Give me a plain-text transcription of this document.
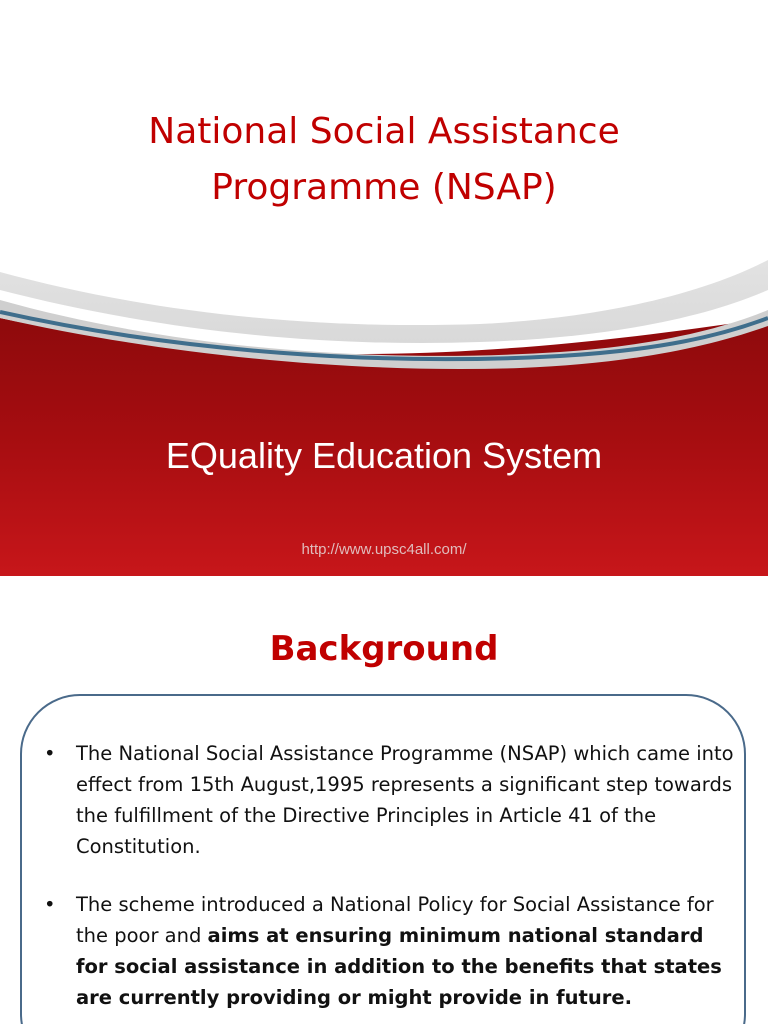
National Social Assistance
Programme (NSAP)
EQuality Education System
http://www.upsc4all.com/
Background
• The National Social Assistance Programme (NSAP) which came into effect from 15th August,1995 represents a significant step towards the fulfillment of the Directive Principles in Article 41 of the Constitution.
• The scheme introduced a National Policy for Social Assistance for the poor and aims at ensuring minimum national standard for social assistance in addition to the benefits that states are currently providing or might provide in future.
